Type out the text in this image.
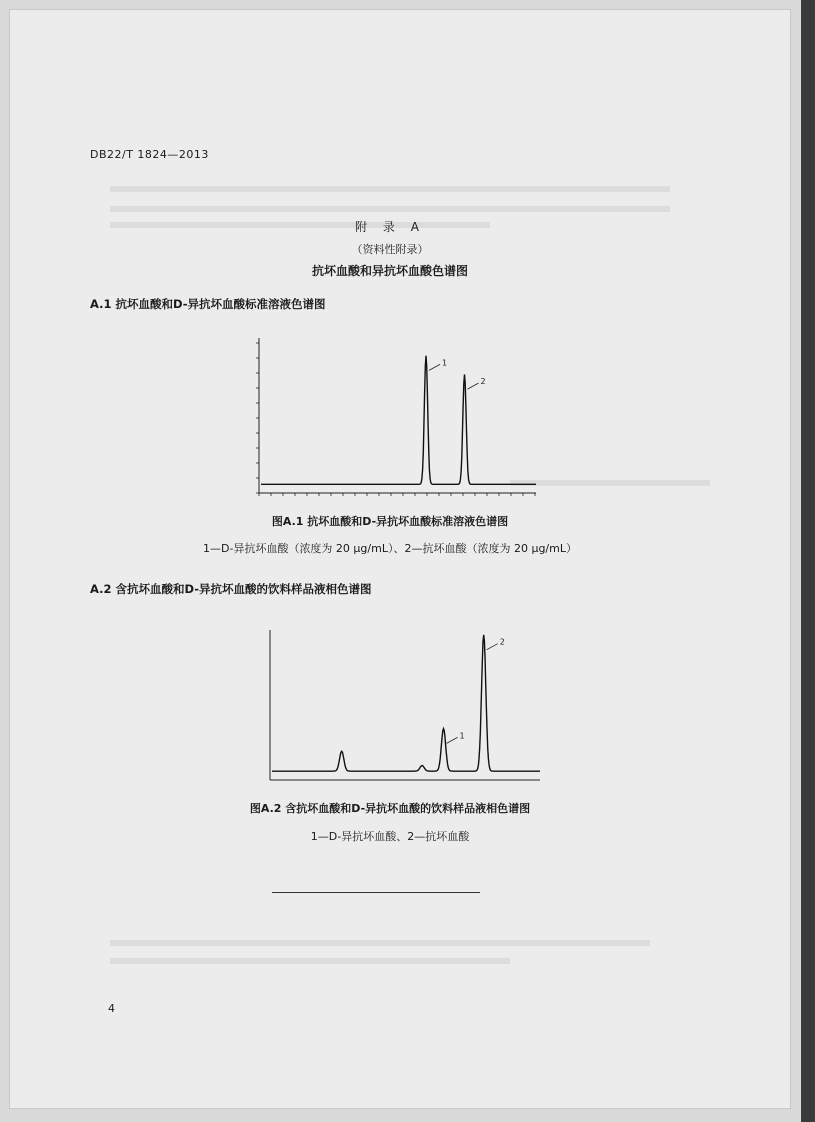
DB22/T 1824—2013
附 录 A
（资料性附录）
抗坏血酸和异抗坏血酸色谱图
A.1 抗坏血酸和D-异抗坏血酸标准溶液色谱图
1
2
图A.1 抗坏血酸和D-异抗坏血酸标准溶液色谱图
1—D-异抗坏血酸（浓度为 20 μg/mL）、2—抗坏血酸（浓度为 20 μg/mL）
A.2 含抗坏血酸和D-异抗坏血酸的饮料样品液相色谱图
1
2
图A.2 含抗坏血酸和D-异抗坏血酸的饮料样品液相色谱图
1—D-异抗坏血酸、2—抗坏血酸
4
